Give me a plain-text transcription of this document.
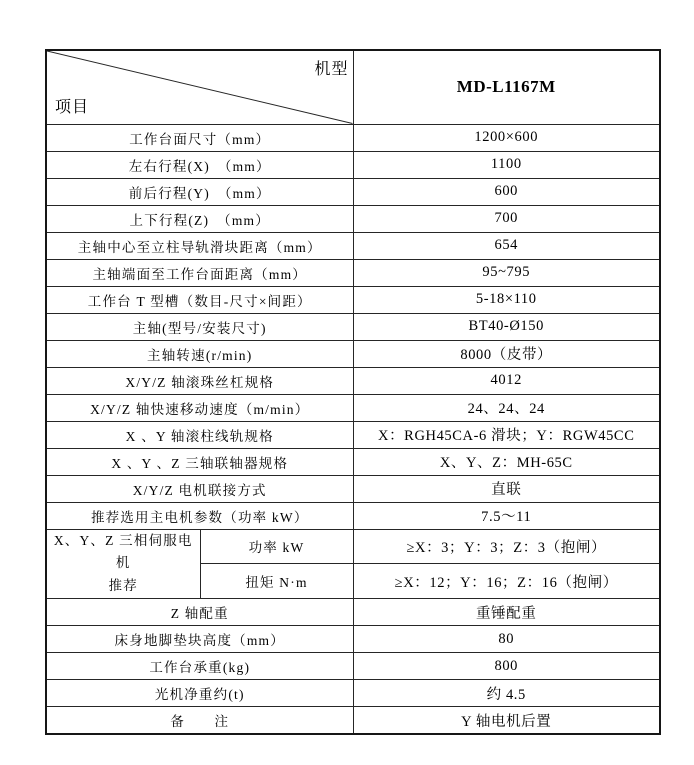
机型
项目		MD-L1167M
工作台面尺寸（mm）		1200×600
左右行程(X)　（mm）		1100
前后行程(Y)　（mm）		600
上下行程(Z)　（mm）		700
主轴中心至立柱导轨滑块距离（mm）		654
主轴端面至工作台面距离（mm）		95~795
工作台 T 型槽（数目-尺寸×间距）		5-18×110
主轴(型号/安装尺寸)		BT40-Ø150
主轴转速(r/min)		8000（皮带）
X/Y/Z 轴滚珠丝杠规格		4012
X/Y/Z 轴快速移动速度（m/min）		24、24、24
X 、Y 轴滚柱线轨规格		X：RGH45CA-6 滑块；Y：RGW45CC
X 、Y 、Z 三轴联轴器规格		X、Y、Z：MH-65C
X/Y/Z 电机联接方式		直联
推荐选用主电机参数（功率 kW）		7.5～11
X、Y、Z 三相伺服电机
推荐	功率 kW	≥X：3；Y：3；Z：3（抱闸）
	扭矩 N·m	≥X：12；Y：16；Z：16（抱闸）
Z 轴配重		重锤配重
床身地脚垫块高度（mm）		80
工作台承重(kg)		800
光机净重约(t)		约 4.5
备　　注		Y 轴电机后置
